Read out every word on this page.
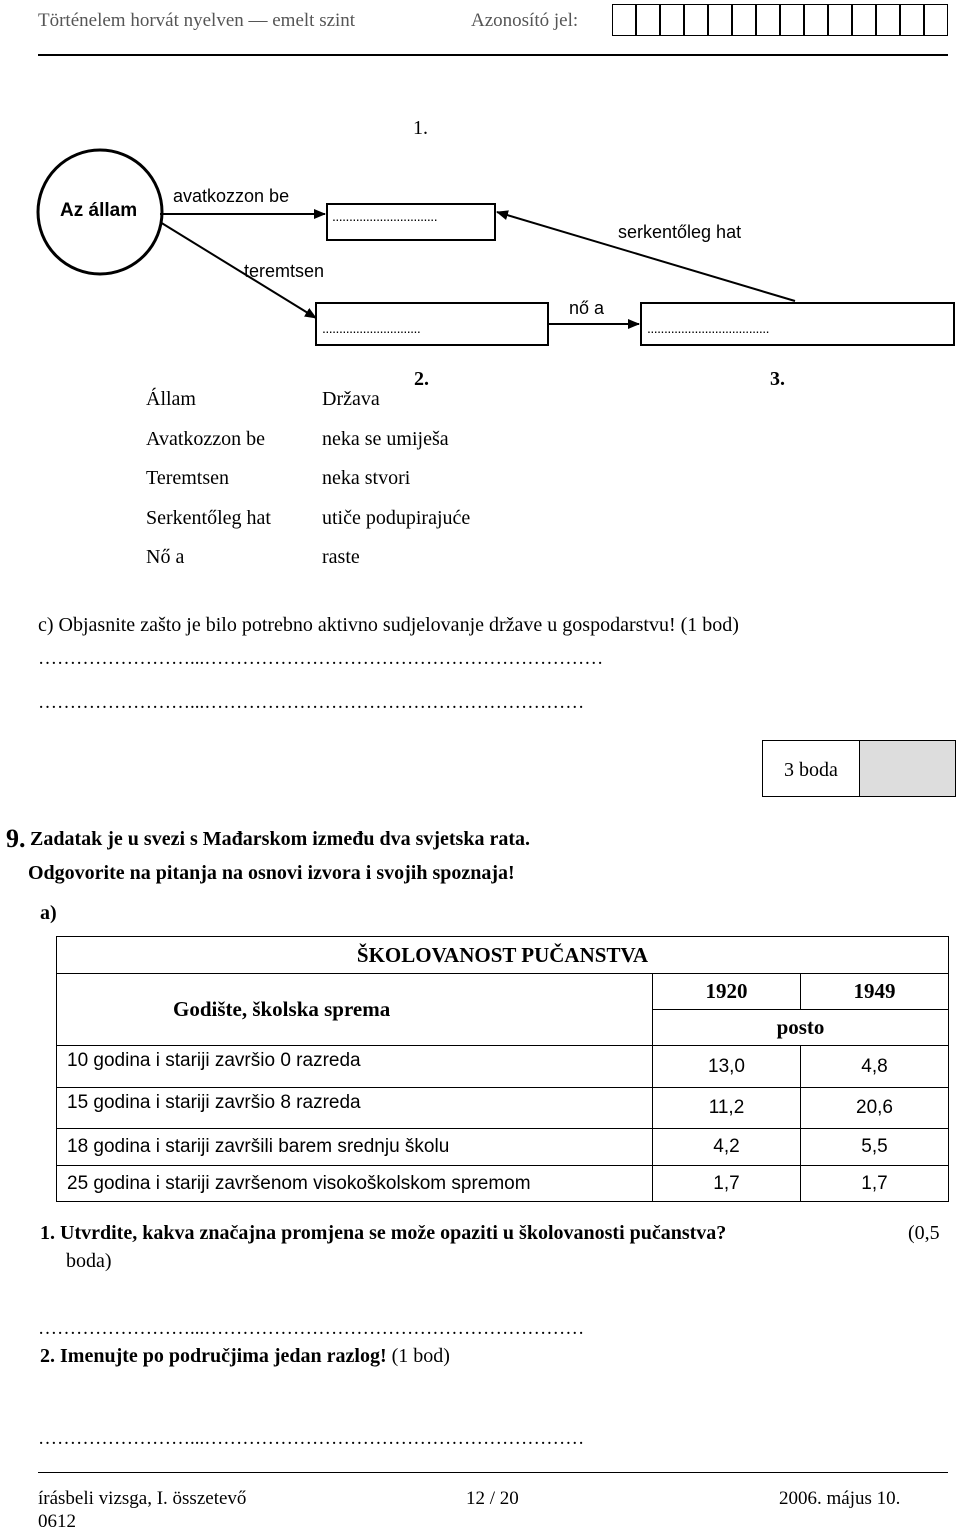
Történelem horvát nyelven — emelt szint	Azonosító jel:
1.
Az állam
avatkozzon be
...............................
serkentőleg hat
teremtsen
nő a
.............................	....................................
2.	3.
Állam	Država
Avatkozzon be	neka se umiješa
Teremtsen	neka stvori
Serkentőleg hat	utiče podupirajuće
Nő a	raste
c) Objasnite zašto je bilo potrebno aktivno sudjelovanje države u gospodarstvu! (1 bod)
……………………...………………………………………………………
……………………...……………………………………………………
3 boda
9. Zadatak je u svezi s Mađarskom između dva svjetska rata.
Odgovorite na pitanja na osnovi izvora i svojih spoznaja!
a)
ŠKOLOVANOST PUČANSTVA		
Godište, školska sprema	1920	1949
	posto	
10 godina i stariji završio 0 razreda	13,0	4,8
15 godina i stariji završio 8 razreda	11,2	20,6
18 godina i stariji završili barem srednju školu	4,2	5,5
25 godina i stariji završenom visokoškolskom spremom	1,7	1,7
1. Utvrdite, kakva značajna promjena se može opaziti u školovanosti pučanstva?	(0,5
boda)
……………………...……………………………………………………
2. Imenujte po područjima jedan razlog! (1 bod)
……………………...……………………………………………………
írásbeli vizsga, I. összetevő
0612
12 / 20	2006. május 10.
